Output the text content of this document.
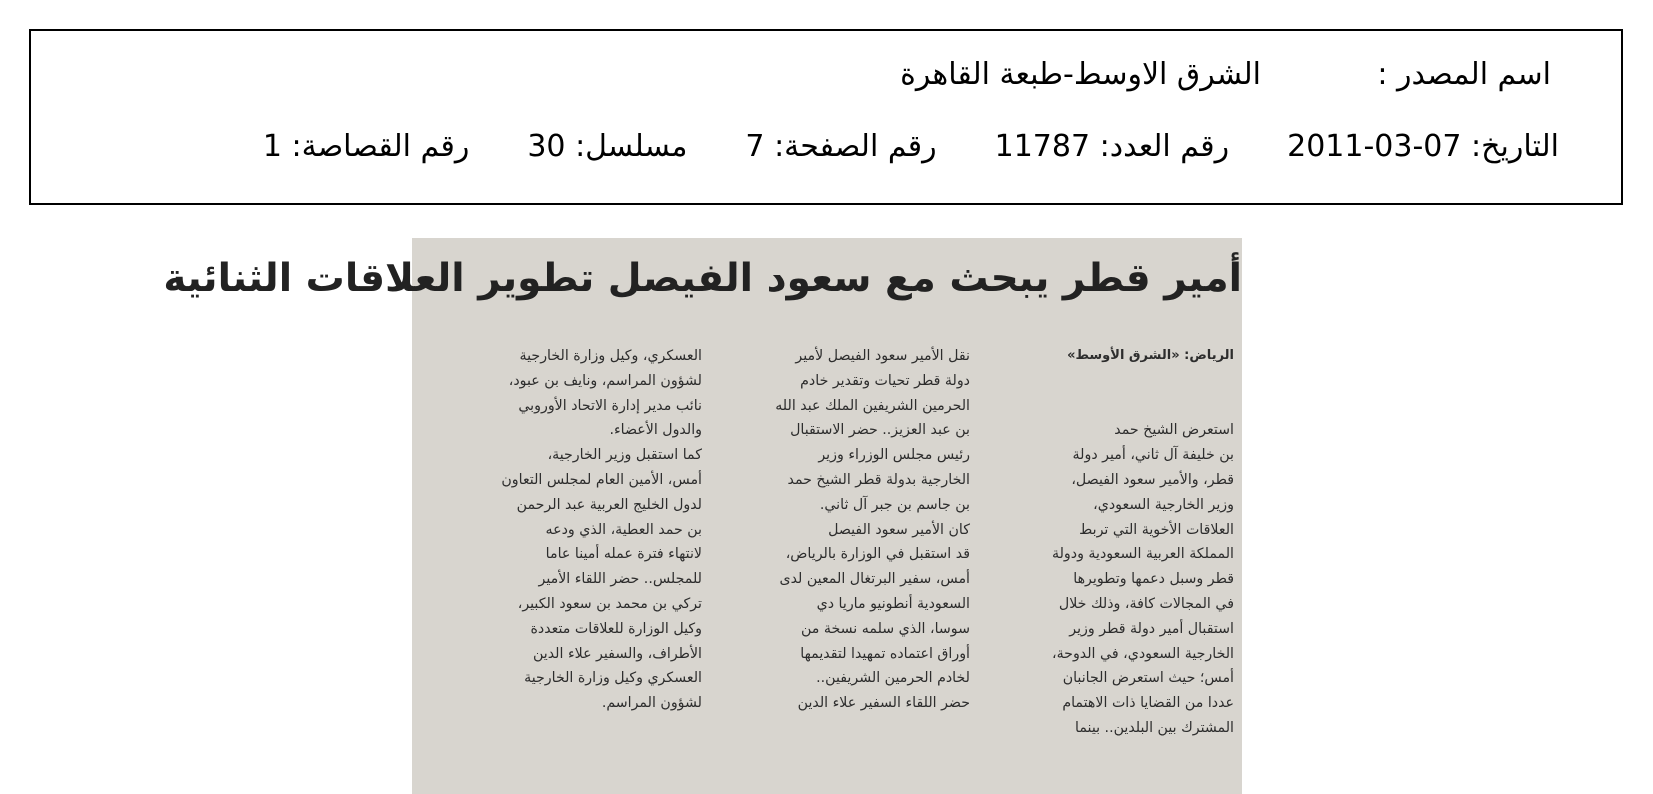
اسم المصدر :الشرق الاوسط-طبعة القاهرة
التاريخ: 2011-03-07رقم العدد: 11787رقم الصفحة: 7مسلسل: 30رقم القصاصة: 1
أمير قطر يبحث مع سعود الفيصل تطوير العلاقات الثنائية

الرياض: «الشرق الأوسط»

استعرض الشيخ حمد

بن خليفة آل ثاني، أمير دولة

قطر، والأمير سعود الفيصل،

وزير الخارجية السعودي،

العلاقات الأخوية التي تربط

المملكة العربية السعودية ودولة

قطر وسبل دعمها وتطويرها

في المجالات كافة، وذلك خلال

استقبال أمير دولة قطر وزير

الخارجية السعودي، في الدوحة،

أمس؛ حيث استعرض الجانبان

عددا من القضايا ذات الاهتمام

المشترك بين البلدين.. بينما

نقل الأمير سعود الفيصل لأمير

دولة قطر تحيات وتقدير خادم

الحرمين الشريفين الملك عبد الله

بن عبد العزيز.. حضر الاستقبال

رئيس مجلس الوزراء وزير

الخارجية بدولة قطر الشيخ حمد

بن جاسم بن جبر آل ثاني.

كان الأمير سعود الفيصل

قد استقبل في الوزارة بالرياض،

أمس، سفير البرتغال المعين لدى

السعودية أنطونيو ماريا دي

سوسا، الذي سلمه نسخة من

أوراق اعتماده تمهيدا لتقديمها

لخادم الحرمين الشريفين..

حضر اللقاء السفير علاء الدين

العسكري، وكيل وزارة الخارجية

لشؤون المراسم، ونايف بن عبود،

نائب مدير إدارة الاتحاد الأوروبي

والدول الأعضاء.

كما استقبل وزير الخارجية،

أمس، الأمين العام لمجلس التعاون

لدول الخليج العربية عبد الرحمن

بن حمد العطية، الذي ودعه

لانتهاء فترة عمله أمينا عاما

للمجلس.. حضر اللقاء الأمير

تركي بن محمد بن سعود الكبير،

وكيل الوزارة للعلاقات متعددة

الأطراف، والسفير علاء الدين

العسكري وكيل وزارة الخارجية

لشؤون المراسم.
